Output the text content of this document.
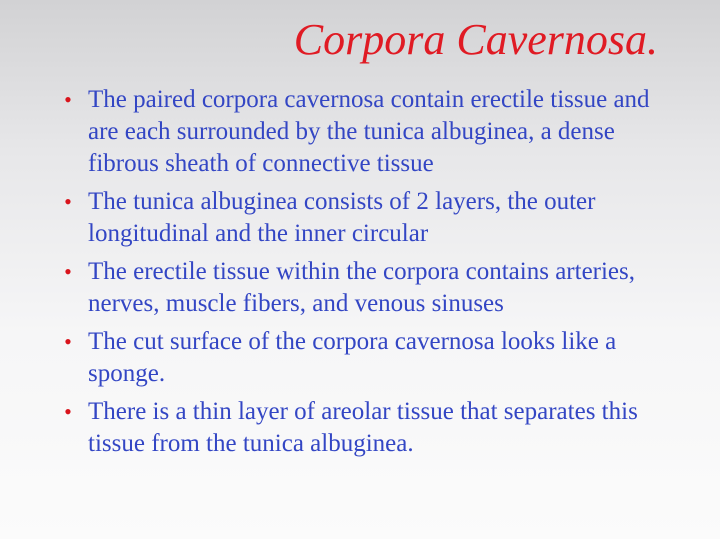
Corpora Cavernosa.
•
The paired corpora cavernosa contain erectile tissue and are each surrounded by the tunica albuginea, a dense fibrous sheath of connective tissue
•
The tunica albuginea consists of 2 layers, the outer longitudinal and the inner circular
•
The erectile tissue within the corpora contains arteries, nerves, muscle fibers, and venous sinuses
•
The cut surface of the corpora cavernosa looks like a sponge.
•
There is a thin layer of areolar tissue that separates this tissue from the tunica albuginea.
